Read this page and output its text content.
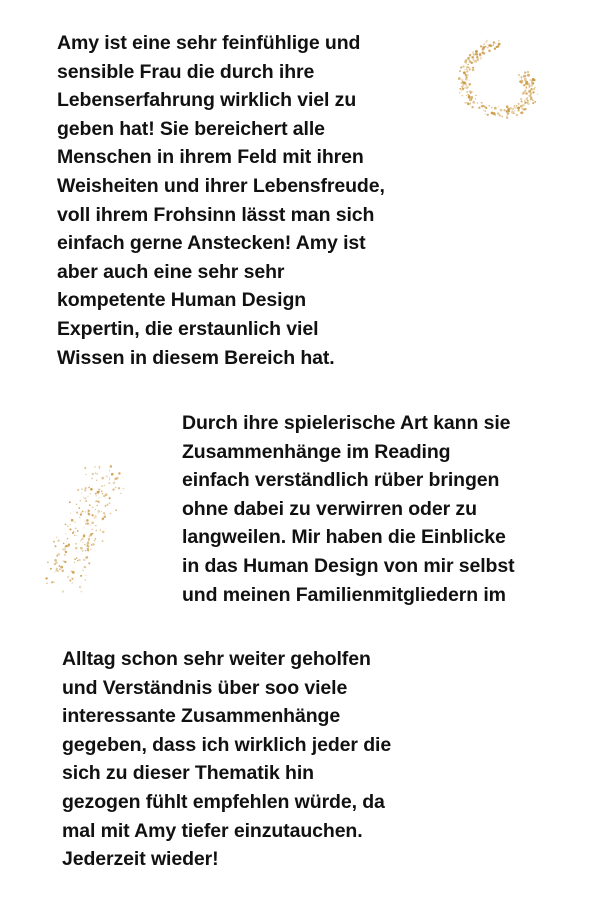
Amy ist eine sehr feinfühlige und
sensible Frau die durch ihre
Lebenserfahrung wirklich viel zu
geben hat! Sie bereichert alle
Menschen in ihrem Feld mit ihren
Weisheiten und ihrer Lebensfreude,
voll ihrem Frohsinn lässt man sich
einfach gerne Anstecken! Amy ist
aber auch eine sehr sehr
kompetente Human Design
Expertin, die erstaunlich viel
Wissen in diesem Bereich hat.
Durch ihre spielerische Art kann sie
Zusammenhänge im Reading
einfach verständlich rüber bringen
ohne dabei zu verwirren oder zu
langweilen. Mir haben die Einblicke
in das Human Design von mir selbst
und meinen Familienmitgliedern im
Alltag schon sehr weiter geholfen
und Verständnis über soo viele
interessante Zusammenhänge
gegeben, dass ich wirklich jeder die
sich zu dieser Thematik hin
gezogen fühlt empfehlen würde, da
mal mit Amy tiefer einzutauchen.
Jederzeit wieder!
